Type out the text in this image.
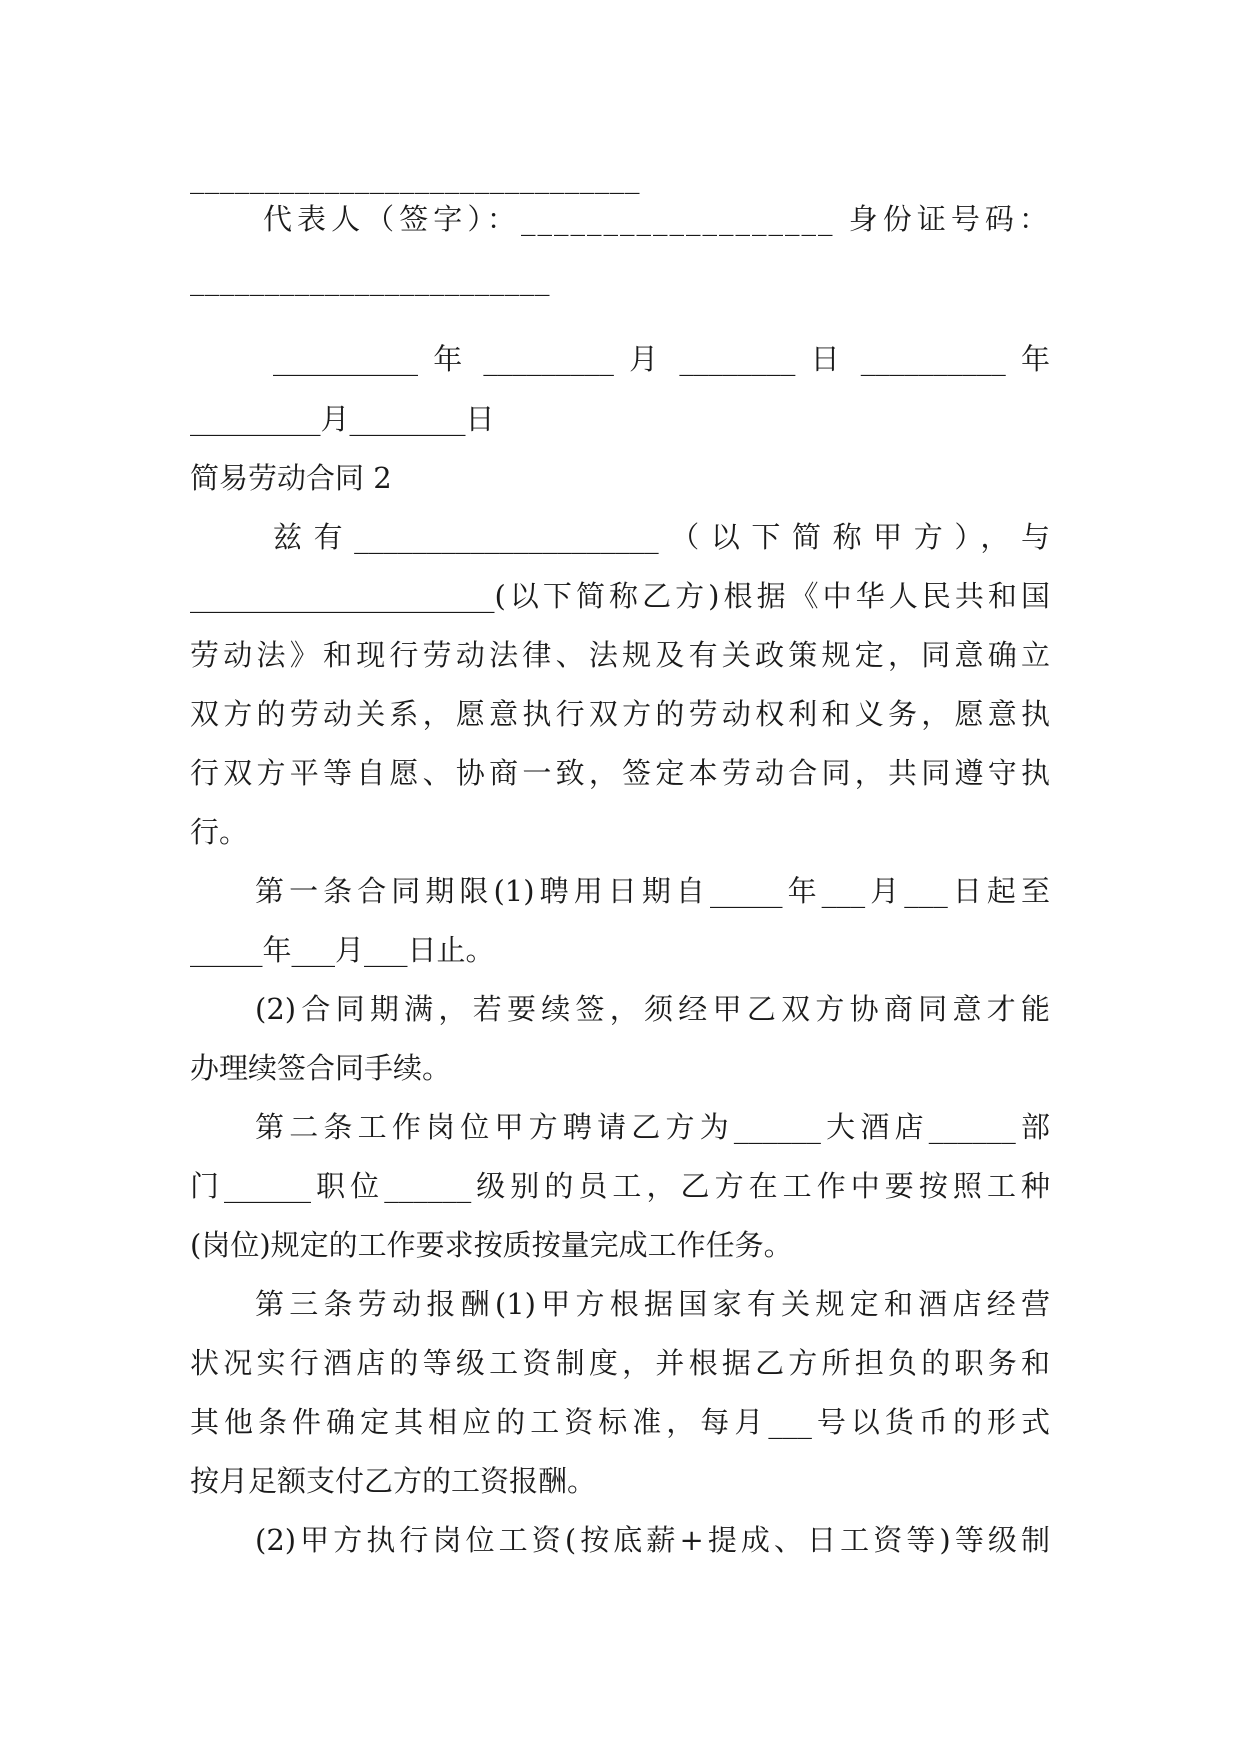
______________________________

代表人（签字）：___________________ 身份证号码：

________________________

__________ 年 _________ 月 ________ 日 __________ 年

_________月________日

简易劳动合同 2

兹有_____________________（以下简称甲方），与

_____________________(以下简称乙方)根据《中华人民共和国

劳动法》和现行劳动法律、法规及有关政策规定，同意确立

双方的劳动关系，愿意执行双方的劳动权利和义务，愿意执

行双方平等自愿、协商一致，签定本劳动合同，共同遵守执

行。

第一条合同期限(1)聘用日期自_____年___月___日起至

_____年___月___日止。

(2)合同期满，若要续签，须经甲乙双方协商同意才能

办理续签合同手续。

第二条工作岗位甲方聘请乙方为______大酒店______部

门______职位______级别的员工，乙方在工作中要按照工种

(岗位)规定的工作要求按质按量完成工作任务。

第三条劳动报酬(1)甲方根据国家有关规定和酒店经营

状况实行酒店的等级工资制度，并根据乙方所担负的职务和

其他条件确定其相应的工资标准，每月___号以货币的形式

按月足额支付乙方的工资报酬。

(2)甲方执行岗位工资(按底薪+提成、日工资等)等级制
